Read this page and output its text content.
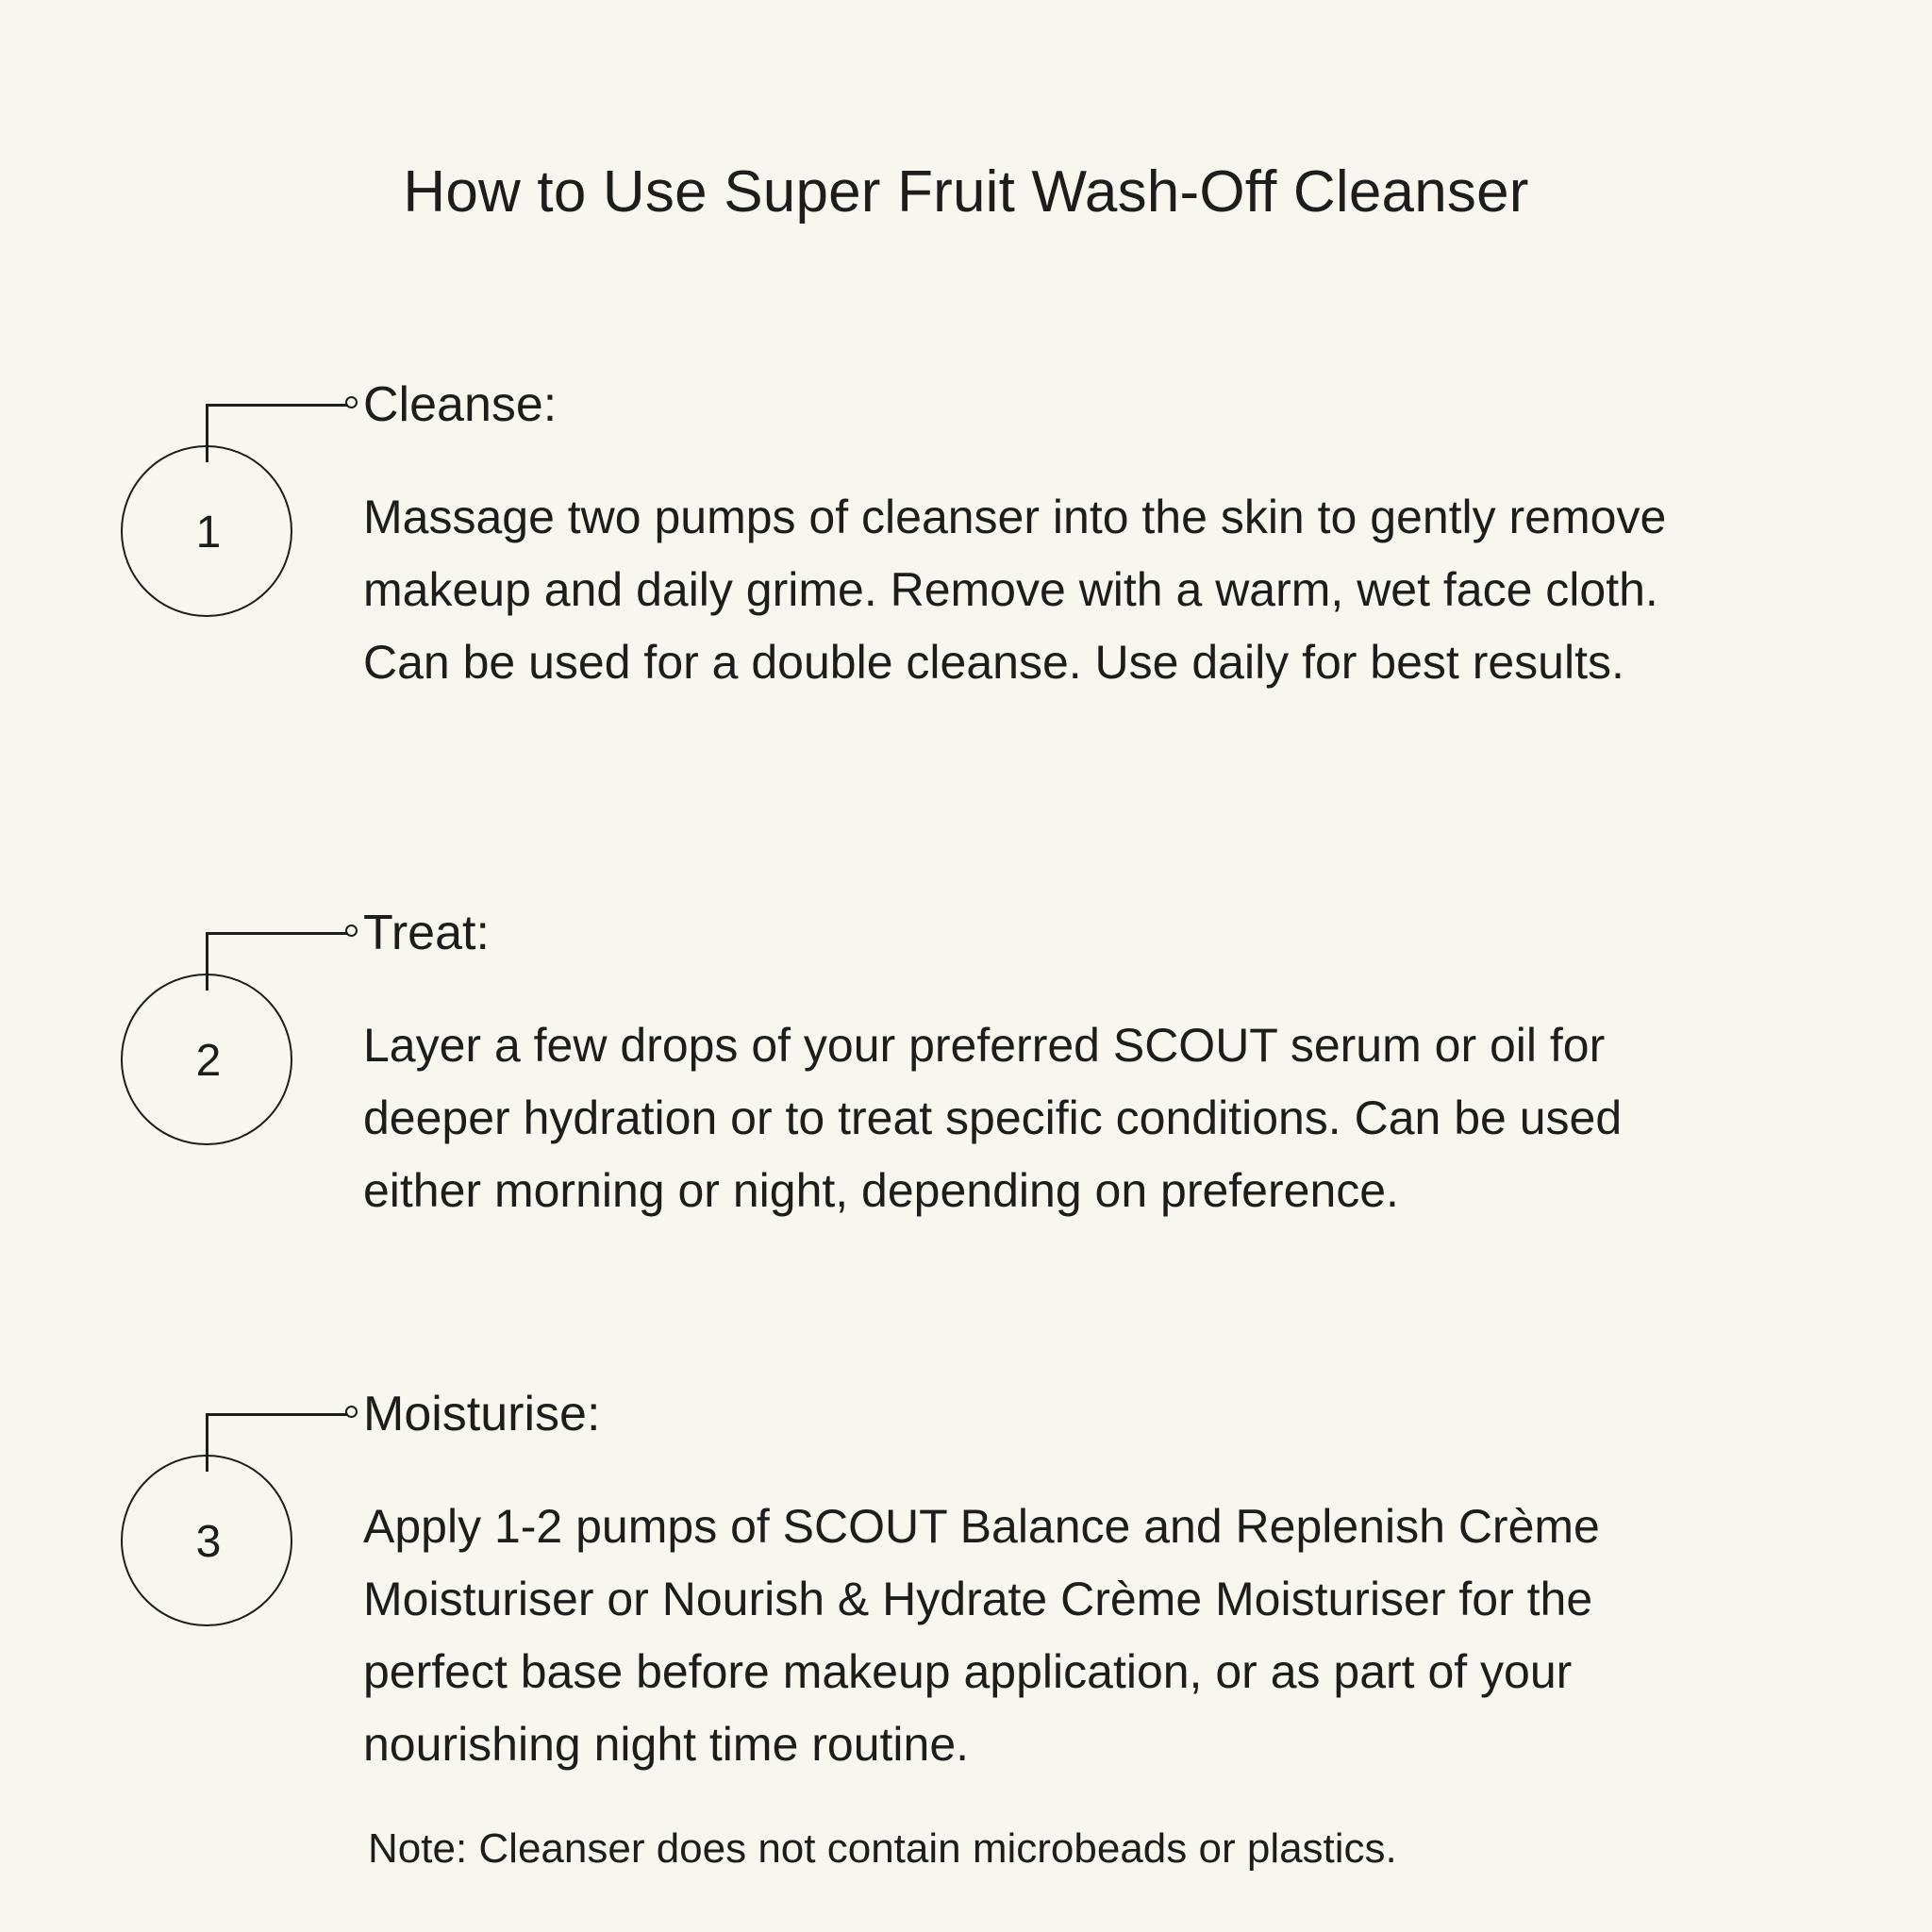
How to Use Super Fruit Wash-Off Cleanser
1
Cleanse:

Massage two pumps of cleanser into the skin to gently remove makeup and daily grime. Remove with a warm, wet face cloth. Can be used for a double cleanse. Use daily for best results.

2
Treat:

Layer a few drops of your preferred SCOUT serum or oil for deeper hydration or to treat specific conditions. Can be used either morning or night, depending on preference.

3
Moisturise:

Apply 1-2 pumps of SCOUT Balance and Replenish Crème Moisturiser or Nourish & Hydrate Crème Moisturiser for the perfect base before makeup application, or as part of your nourishing night time routine.

Note: Cleanser does not contain microbeads or plastics.
